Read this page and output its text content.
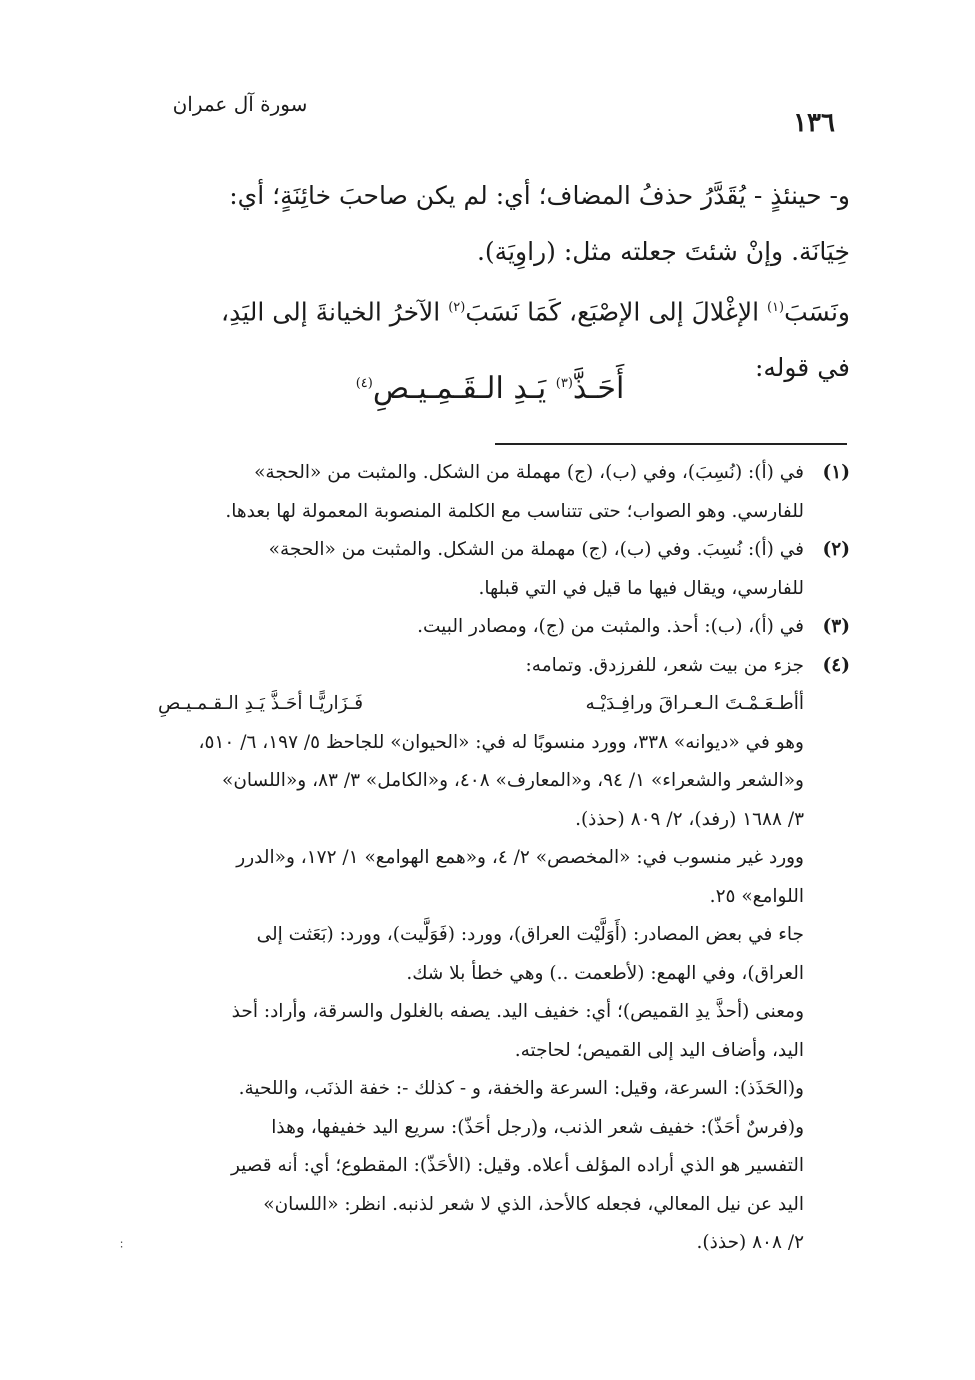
سورة آل عمران
١٣٦

و- حينئذٍ - يُقَدَّرُ حذفُ المضاف؛ أي: لم يكن صاحبَ خائِنَةٍ؛ أي:

خِيَانَة. وإنْ شئتَ جعلته مثل: (راوِيَة).

ونَسَبَ$^{(١)}$ الإغْلالَ إلى الإصْبَع، كَمَا نَسَبَ$^{(٢)}$ الآخرُ الخيانةَ إلى اليَدِ،

في قوله:

أَحَـذَّ$^{(٣)}$ يَـدِ الـقَـمِـيـصِ$^{(٤)}$
(١)
في (أ): (نُسِبَ)، وفي (ب)، (ج) مهملة من الشكل. والمثبت من «الحجة»
للفارسي. وهو الصواب؛ حتى تتناسب مع الكلمة المنصوبة المعمولة لها بعدها.
(٢)
في (أ): نُسِبَ. وفي (ب)، (ج) مهملة من الشكل. والمثبت من «الحجة»
للفارسي، ويقال فيها ما قيل في التي قبلها.
(٣)
في (أ)، (ب): أحذ. والمثبت من (ج)، ومصادر البيت.
(٤)
جزء من بيت شعر، للفرزدق. وتمامه:
أأطـعَـمْـتَ الـعـراقَ ورافِـدَيْـه
فَـزَاريًّـا أحَـذَّ يَـدِ الـقـمـيـصِ
وهو في «ديوانه» ٣٣٨، وورد منسوبًا له في: «الحيوان» للجاحظ ٥/ ١٩٧، ٦/ ٥١٠،
و«الشعر والشعراء» ١/ ٩٤، و«المعارف» ٤٠٨، و«الكامل» ٣/ ٨٣، و«اللسان»
٣/ ١٦٨٨ (رفد)، ٢/ ٨٠٩ (حذذ).
وورد غير منسوب في: «المخصص» ٢/ ٤، و«همع الهوامع» ١/ ١٧٢، و«الدرر
اللوامع» ٢٥.
جاء في بعض المصادر: (أَوَلَّيْت العراق)، وورد: (فَوَلَّيت)، وورد: (بَعَثت إلى
العراق)، وفي الهمع: (لأطعمت ..) وهي خطأ بلا شك.
ومعنى (أحذَّ يدِ القميص)؛ أي: خفيف اليد. يصفه بالغلول والسرقة، وأراد: أحذ
اليد، وأضاف اليد إلى القميص؛ لحاجته.
و(الحَذَذ): السرعة، وقيل: السرعة والخفة، و - كذلك -: خفة الذنَب، واللحية.
و(فرسٌ أحَذّ): خفيف شعر الذنب، و(رجل أحَذّ): سريع اليد خفيفها، وهذا
التفسير هو الذي أراده المؤلف أعلاه. وقيل: (الأحَذّ): المقطوع؛ أي: أنه قصير
اليد عن نيل المعالي، فجعله كالأحذ، الذي لا شعر لذنبه. انظر: «اللسان»
٢/ ٨٠٨ (حذذ).
∶
